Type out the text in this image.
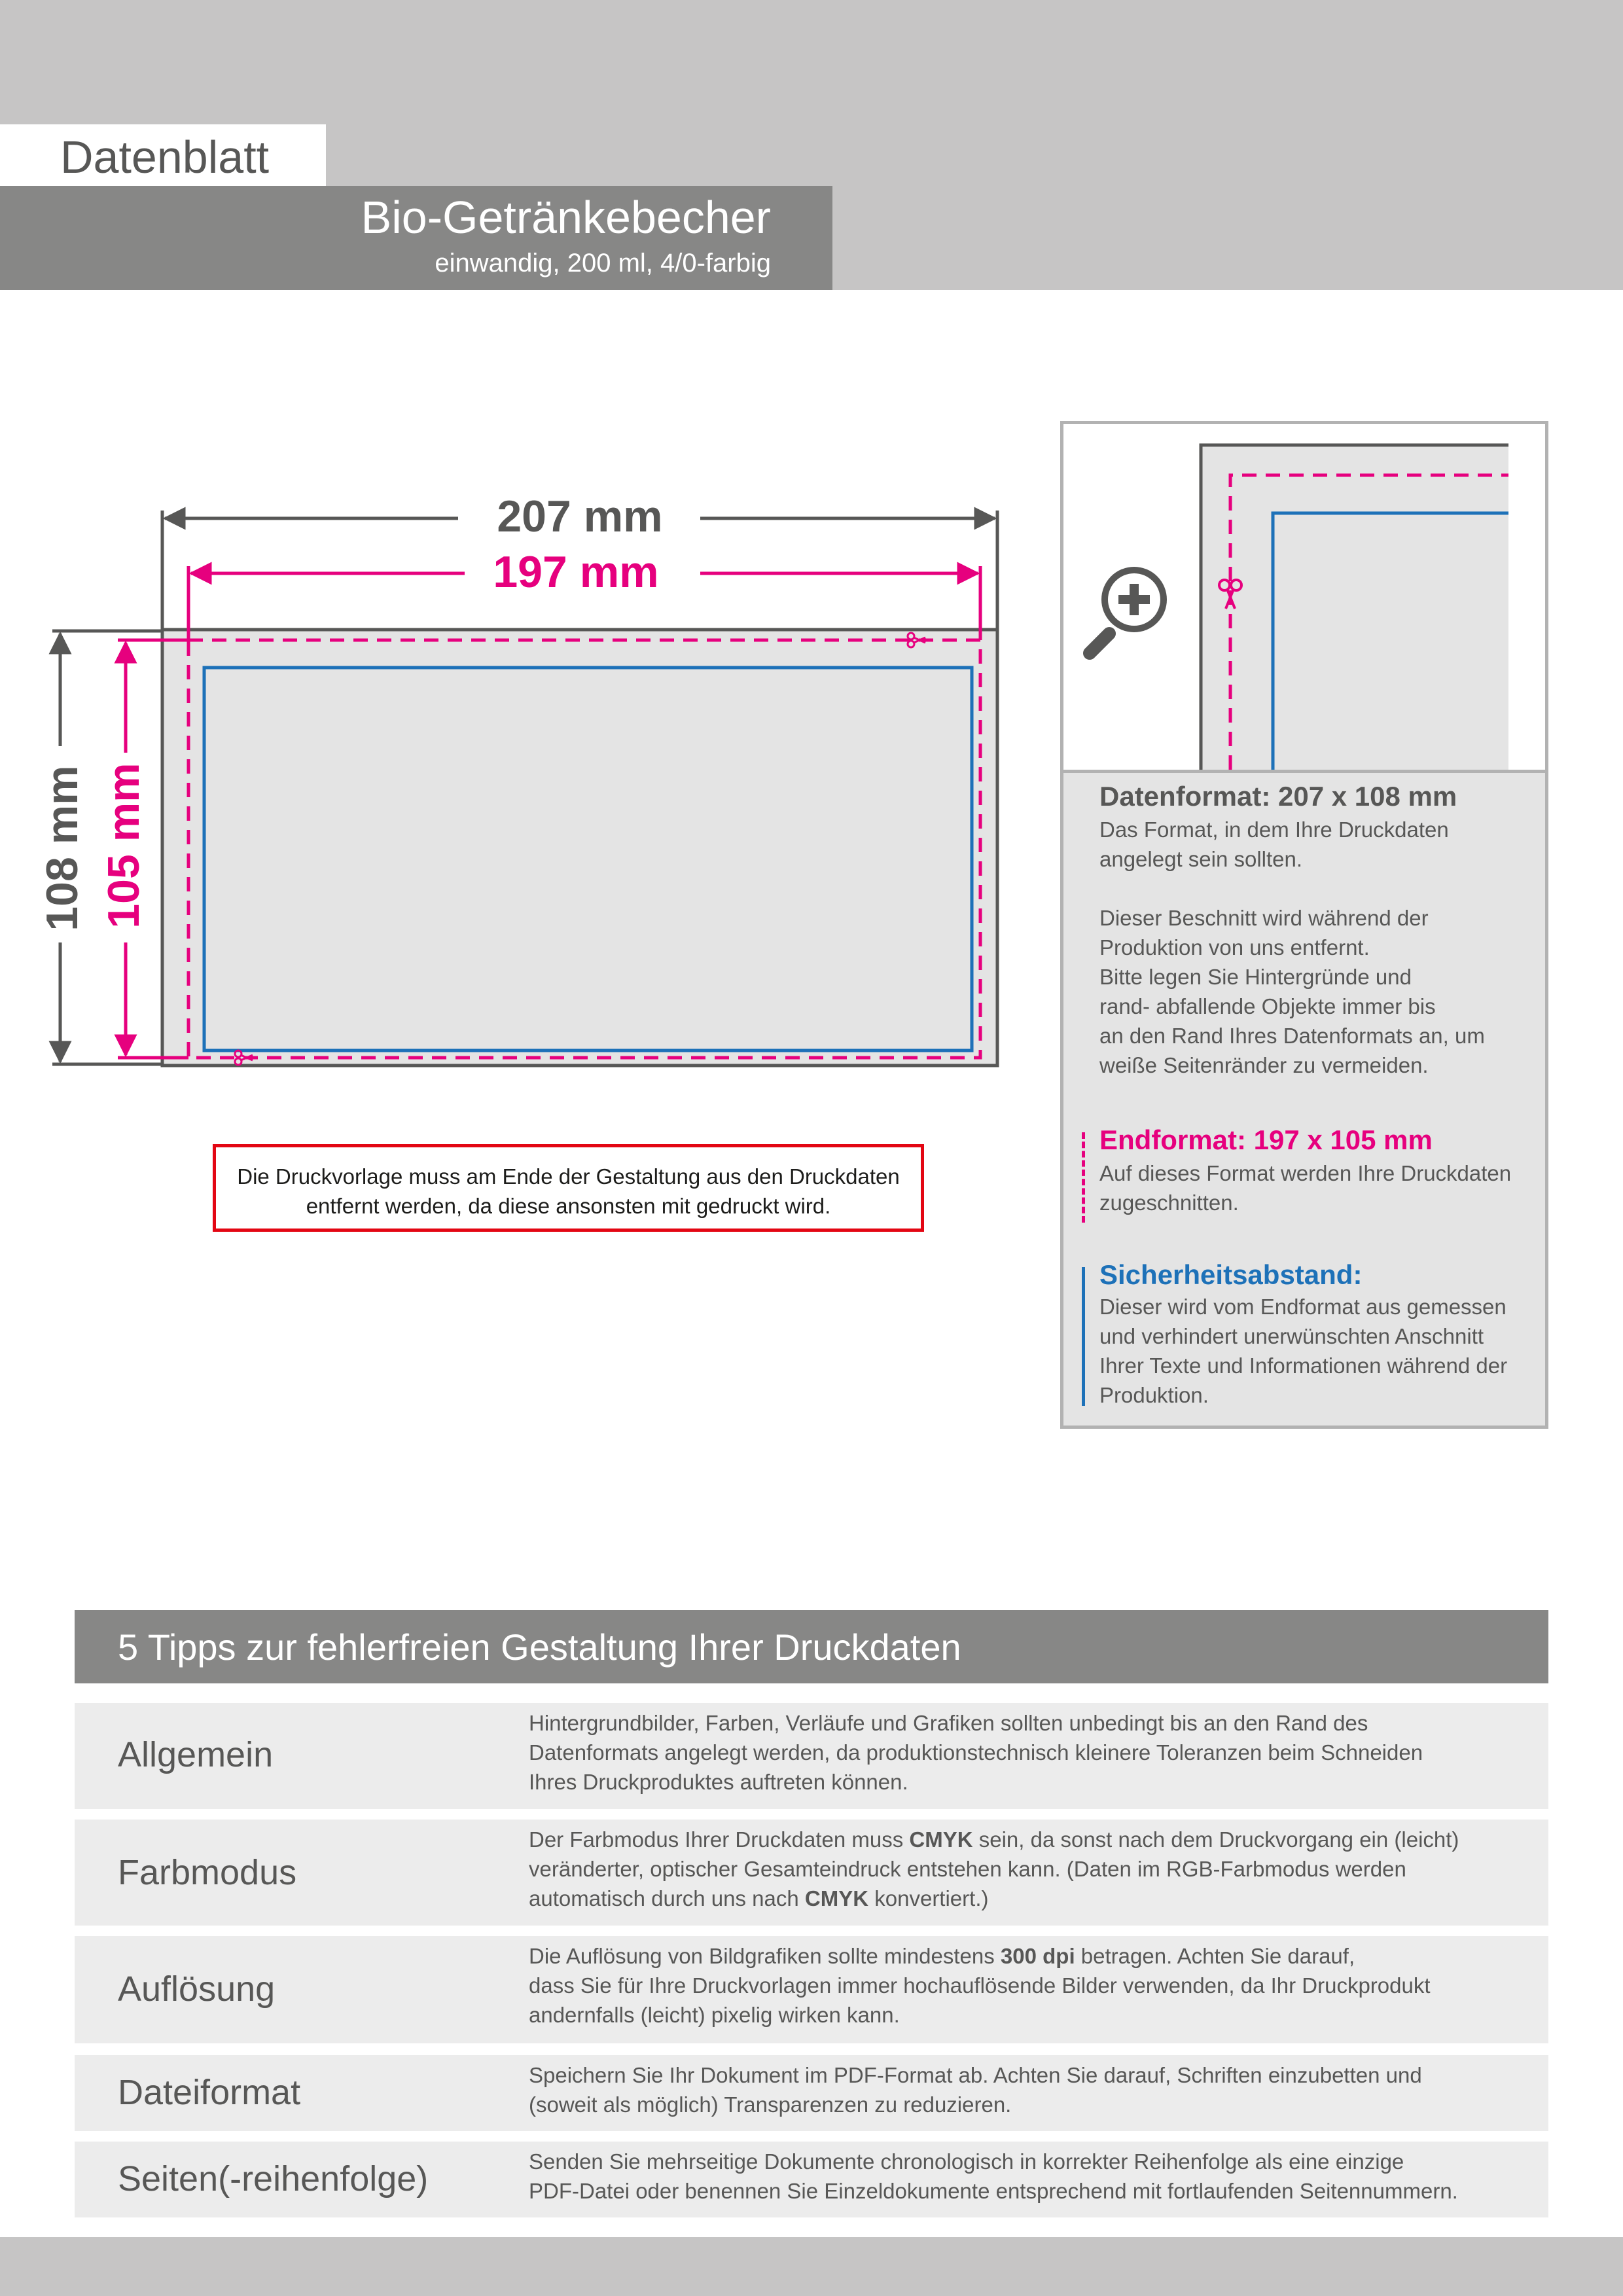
Datenblatt
Bio-Getränkebecher
einwandig, 200 ml, 4/0-farbig
207 mm
197 mm
108 mm 105 mm
Die Druckvorlage muss am Ende der Gestaltung aus den Druckdaten
entfernt werden, da diese ansonsten mit gedruckt wird.
Datenformat: 207 x 108 mm
Das Format, in dem Ihre Druckdaten
angelegt sein sollten.

Dieser Beschnitt wird während der
Produktion von uns entfernt.
Bitte legen Sie Hintergründe und
rand- abfallende Objekte immer bis
an den Rand Ihres Datenformats an, um
weiße Seitenränder zu vermeiden.
Endformat: 197 x 105 mm
Auf dieses Format werden Ihre Druckdaten
zugeschnitten.
Sicherheitsabstand:
Dieser wird vom Endformat aus gemessen
und verhindert unerwünschten Anschnitt
Ihrer Texte und Informationen während der
Produktion.
5 Tipps zur fehlerfreien Gestaltung Ihrer Druckdaten
Allgemein
Hintergrundbilder, Farben, Verläufe und Grafiken sollten unbedingt bis an den Rand des
Datenformats angelegt werden, da produktionstechnisch kleinere Toleranzen beim Schneiden
Ihres Druckproduktes auftreten können.
Farbmodus
Der Farbmodus Ihrer Druckdaten muss CMYK sein, da sonst nach dem Druckvorgang ein (leicht)
veränderter, optischer Gesamteindruck entstehen kann. (Daten im RGB-Farbmodus werden
automatisch durch uns nach CMYK konvertiert.)
Auflösung
Die Auflösung von Bildgrafiken sollte mindestens 300 dpi betragen. Achten Sie darauf,
dass Sie für Ihre Druckvorlagen immer hochauflösende Bilder verwenden, da Ihr Druckprodukt
andernfalls (leicht) pixelig wirken kann.
Dateiformat	Speichern Sie Ihr Dokument im PDF-Format ab. Achten Sie darauf, Schriften einzubetten und
(soweit als möglich) Transparenzen zu reduzieren.
Seiten(-reihenfolge)	Senden Sie mehrseitige Dokumente chronologisch in korrekter Reihenfolge als eine einzige
PDF-Datei oder benennen Sie Einzeldokumente entsprechend mit fortlaufenden Seitennummern.
